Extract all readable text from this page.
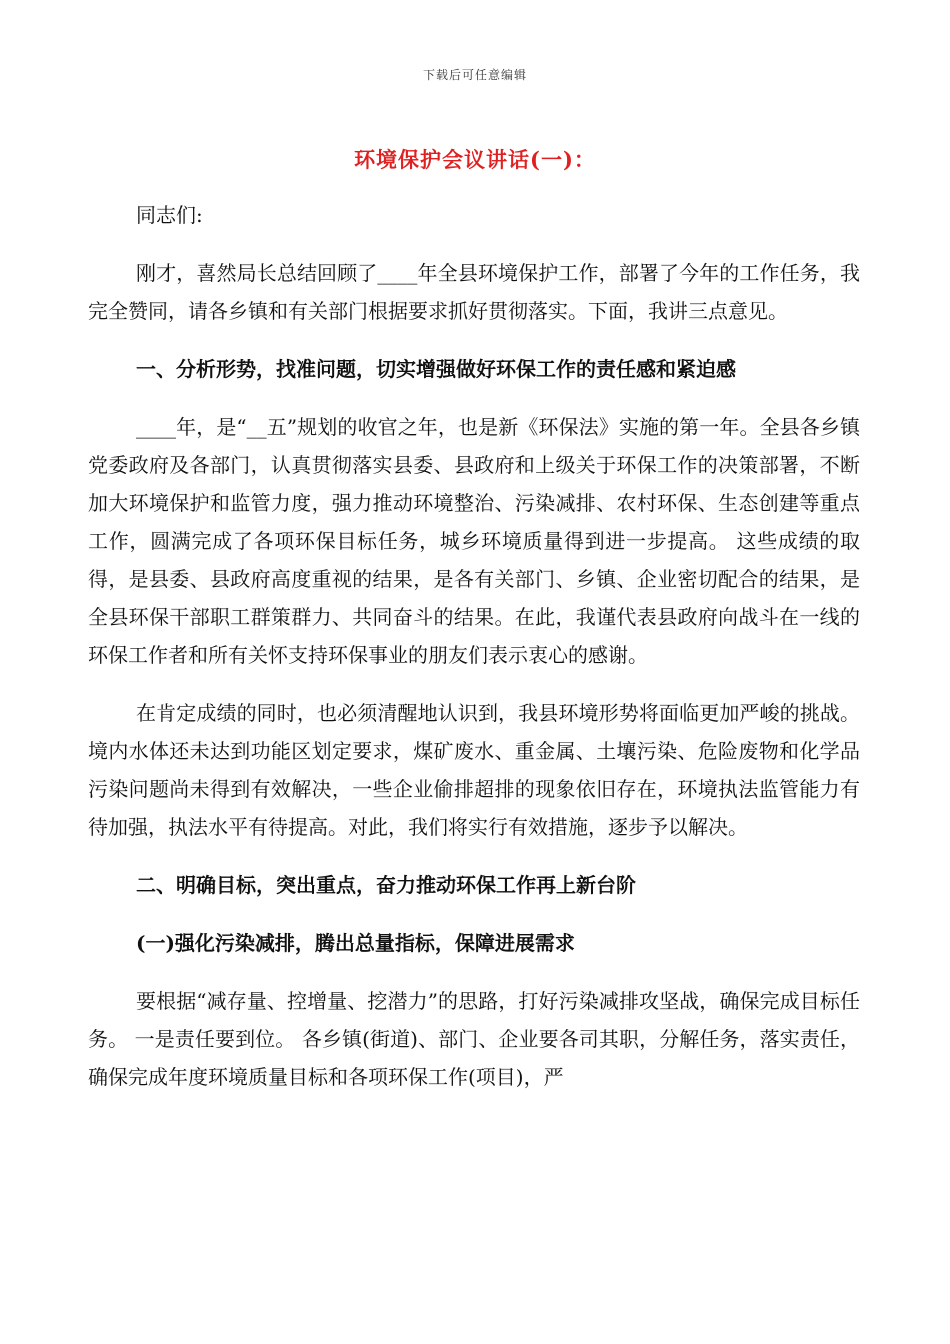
下载后可任意编辑
环境保护会议讲话(一)：

同志们:

刚才，喜然局长总结回顾了____年全县环境保护工作，部署了今年的工作任务，我完全赞同，请各乡镇和有关部门根据要求抓好贯彻落实。下面，我讲三点意见。

一、分析形势，找准问题，切实增强做好环保工作的责任感和紧迫感

____年，是“__五”规划的收官之年，也是新《环保法》实施的第一年。全县各乡镇党委政府及各部门，认真贯彻落实县委、县政府和上级关于环保工作的决策部署，不断加大环境保护和监管力度，强力推动环境整治、污染减排、农村环保、生态创建等重点工作，圆满完成了各项环保目标任务，城乡环境质量得到进一步提高。 这些成绩的取得，是县委、县政府高度重视的结果，是各有关部门、乡镇、企业密切配合的结果，是全县环保干部职工群策群力、共同奋斗的结果。在此，我谨代表县政府向战斗在一线的环保工作者和所有关怀支持环保事业的朋友们表示衷心的感谢。

在肯定成绩的同时，也必须清醒地认识到，我县环境形势将面临更加严峻的挑战。境内水体还未达到功能区划定要求，煤矿废水、重金属、土壤污染、危险废物和化学品污染问题尚未得到有效解决，一些企业偷排超排的现象依旧存在，环境执法监管能力有待加强，执法水平有待提高。对此，我们将实行有效措施，逐步予以解决。

二、明确目标，突出重点，奋力推动环保工作再上新台阶
(一)强化污染减排，腾出总量指标，保障进展需求

要根据“减存量、控增量、挖潜力”的思路，打好污染减排攻坚战，确保完成目标任务。 一是责任要到位。 各乡镇(街道)、部门、企业要各司其职，分解任务，落实责任，确保完成年度环境质量目标和各项环保工作(项目)，严
